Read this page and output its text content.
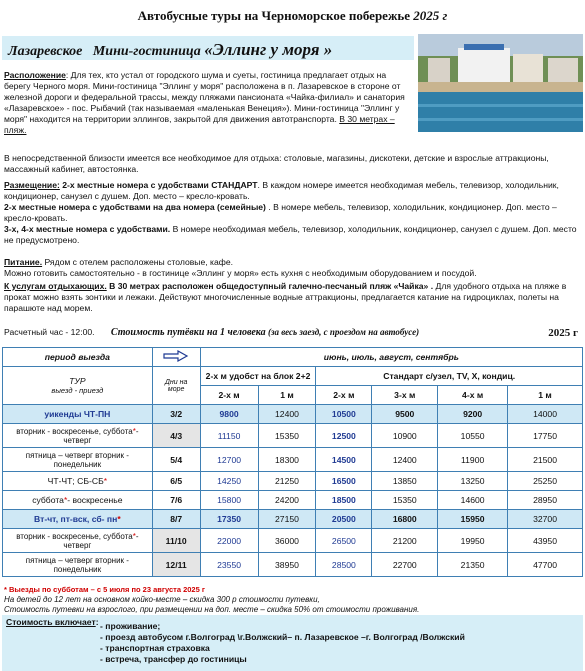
Автобусные туры на Черноморское побережье 2025 г
Лазаревское Мини-гостиница «Эллинг у моря »
Расположение: Для тех, кто устал от городского шума и суеты, гостиница предлагает отдых на берегу Черного моря. Мини-гостиница "Эллинг у моря" расположена в п. Лазаревское в стороне от железной дороги и федеральной трассы, между пляжами пансионата «Чайка-филиал» и санатория «Лазаревское» - пос. Рыбачий (так называемая «маленькая Венеция»). Мини-гостиница "Эллинг у моря" находится на территории эллингов, закрытой для движения автотранспорта. В 30 метрах – пляж.
В непосредственной близости имеется все необходимое для отдыха: столовые, магазины, дискотеки, детские и взрослые аттракционы, массажный кабинет, автостоянка.
Размещение: 2-х местные номера с удобствами СТАНДАРТ. В каждом номере имеется необходимая мебель, телевизор, холодильник, кондиционер, санузел с душем. Доп. место – кресло-кровать.
2-х местные номера с удобствами на два номера (семейные) . В номере мебель, телевизор, холодильник, кондиционер. Доп. место – кресло-кровать.
3-х, 4-х местные номера с удобствами. В номере необходимая мебель, телевизор, холодильник, кондиционер, санузел с душем. Доп. место не предусмотрено.
Питание. Рядом с отелем расположены столовые, кафе.
Можно готовить самостоятельно - в гостинице «Эллинг у моря» есть кухня с необходимым оборудованием и посудой.
К услугам отдыхающих. В 30 метрах расположен общедоступный галечно-песчаный пляж «Чайка» . Для удобного отдыха на пляже в прокат можно взять зонтики и лежаки. Действуют многочисленные водные аттракционы, предлагается катание на гидроциклах, полеты на парашюте над морем.
Расчетный час - 12:00. Стоимость путёвки на 1 человека (за весь заезд, с проездом на автобусе)	2025 г
период выезда		июнь, июль, август, сентябрь					

ТУР
выезд - приезд	Дни на море	2-х м удобст на блок 2+2		Стандарт с/узел, TV, Х, кондиц.			
		2-х м	1 м	2-х м	3-х м	4-х м	1 м
уикенды ЧТ-ПН	3/2	9800	12400	10500	9500	9200	14000
вторник - воскресенье, суббота*- четверг	4/3	11150	15350	12500	10900	10550	17750
пятница – четверг вторник - понедельник	5/4	12700	18300	14500	12400	11900	21500
ЧТ-ЧТ; СБ-СБ*	6/5	14250	21250	16500	13850	13250	25250
суббота*- воскресенье	7/6	15800	24200	18500	15350	14600	28950
Вт-чт, пт-вск, сб- пн*	8/7	17350	27150	20500	16800	15950	32700
вторник - воскресенье, суббота*- четверг	11/10	22000	36000	26500	21200	19950	43950
пятница – четверг вторник - понедельник	12/11	23550	38950	28500	22700	21350	47700
* Выезды по субботам – с 5 июля по 23 августа 2025 г
На детей до 12 лет на основном койко-месте – скидка 300 р стоимости путевки,
Стоимость путевки на взрослого, при размещении на доп. месте – скидка 50% от стоимости проживания.
Стоимость включает: - проживание;
- проезд автобусом г.Волгоград \г.Волжский– п. Лазаревское –г. Волгоград /Волжский
- транспортная страховка
- встреча, трансфер до гостиницы
